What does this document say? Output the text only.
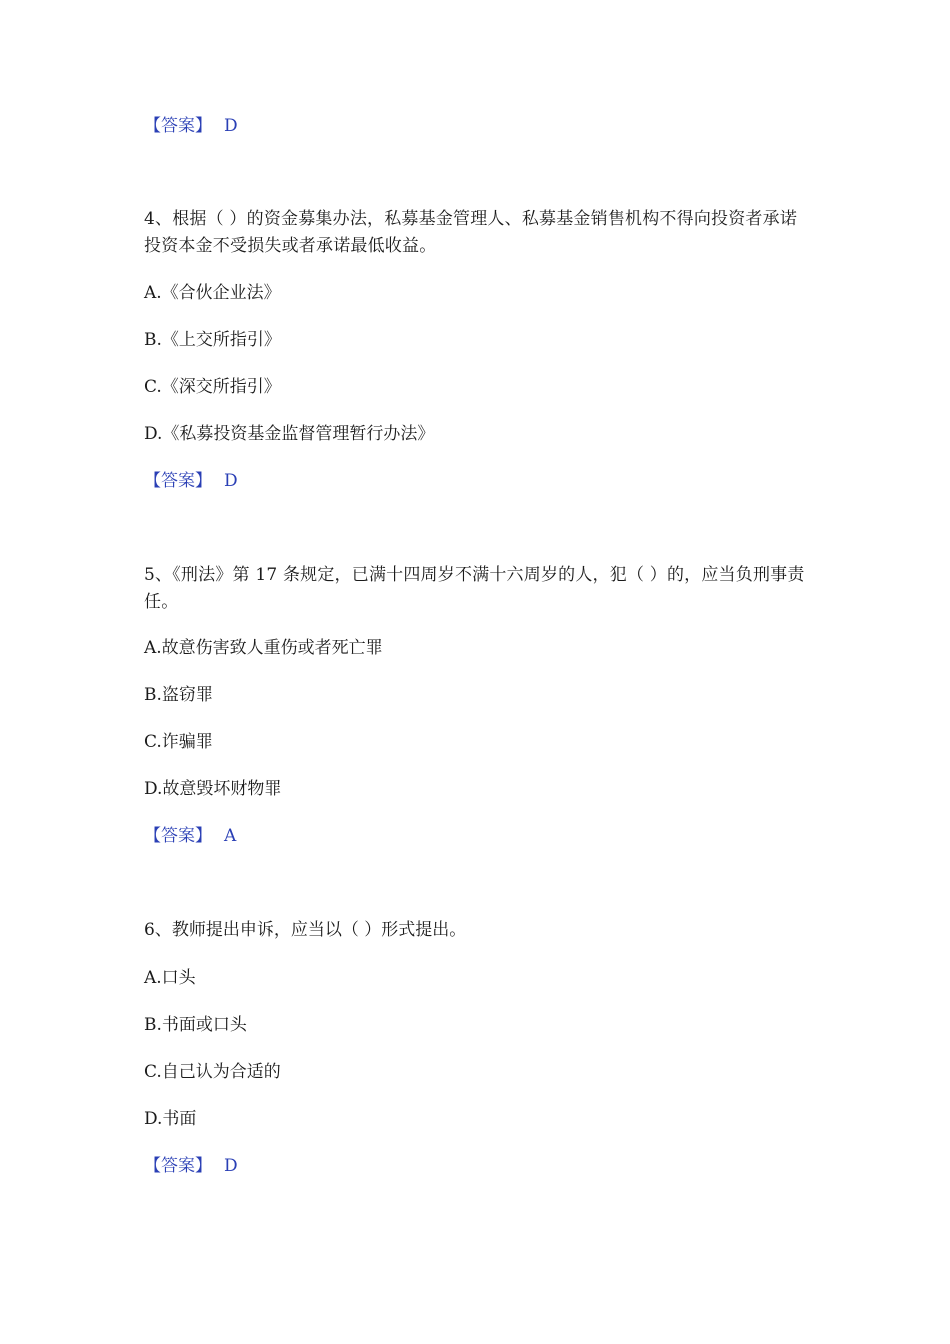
【答案】 D
4、根据（ ）的资金募集办法，私募基金管理人、私募基金销售机构不得向投资者承诺投资本金不受损失或者承诺最低收益。
A.《合伙企业法》
B.《上交所指引》
C.《深交所指引》
D.《私募投资基金监督管理暂行办法》
【答案】 D
5、《刑法》第 17 条规定，已满十四周岁不满十六周岁的人，犯（ ）的，应当负刑事责任。
A.故意伤害致人重伤或者死亡罪
B.盗窃罪
C.诈骗罪
D.故意毁坏财物罪
【答案】 A
6、教师提出申诉，应当以（ ）形式提出。
A.口头
B.书面或口头
C.自己认为合适的
D.书面
【答案】 D
